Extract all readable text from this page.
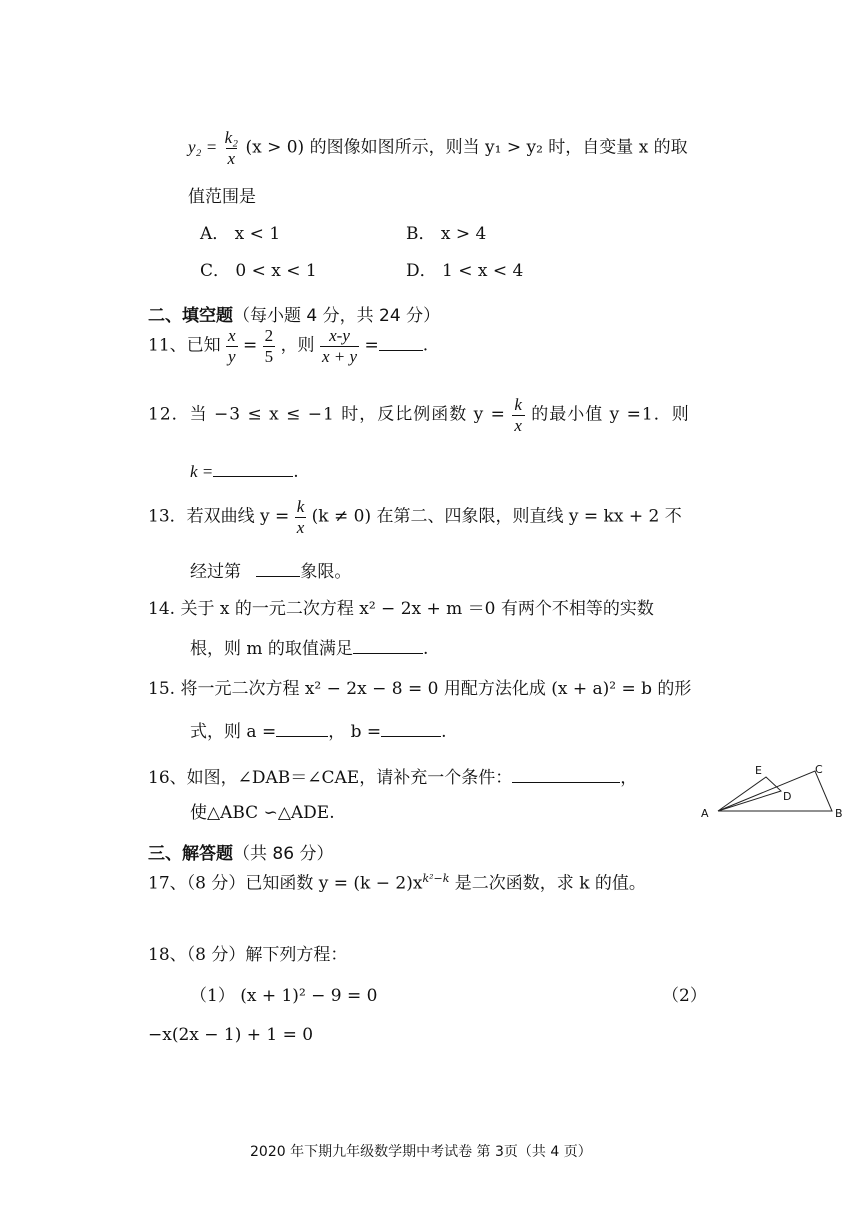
$y_2 = \frac{\text{k₂}}{x} (x > 0)$ 的图像如图所示，则当 y₁ > y₂ 时，自变量 x 的取
值范围是
A． x < 1	B． x > 4
C． 0 < x < 1	D． 1 < x < 4
二、填空题（每小题 4 分，共 24 分）
11、已知 $\frac{x}{y} = \frac{2}{5}$ ，则 $\frac{x-y}{x + y}$ =	.
12．当 −3 ≤ x ≤ −1 时，反比例函数 $y = \frac{k}{x}$ 的最小值 y =1．则
k =	.
13．若双曲线 $y = \frac{k}{x} (k \ne 0)$ 在第二、四象限，则直线 y = kx + 2 不
经过第	象限。
14. 关于 x 的一元二次方程 x² − 2x + m ＝0 有两个不相等的实数
根，则 m 的取值满足	.
15. 将一元二次方程 x² − 2x − 8 = 0 用配方法化成 (x + a)² = b 的形
式，则 a =	， b =	.
16、如图，∠DAB＝∠CAE，请补充一个条件：	，
使△ABC ∽△ADE.	A	B
C
D
E
三、解答题（共 86 分）
17、（8 分）已知函数 $y = (k - 2)x^{k^2-k}$ 是二次函数，求 k 的值。
18、（8 分）解下列方程：
（1） (x + 1)² − 9 = 0	（2）
−x(2x − 1) + 1 = 0
2020 年下期九年级数学期中考试卷 第 3页（共 4 页）
